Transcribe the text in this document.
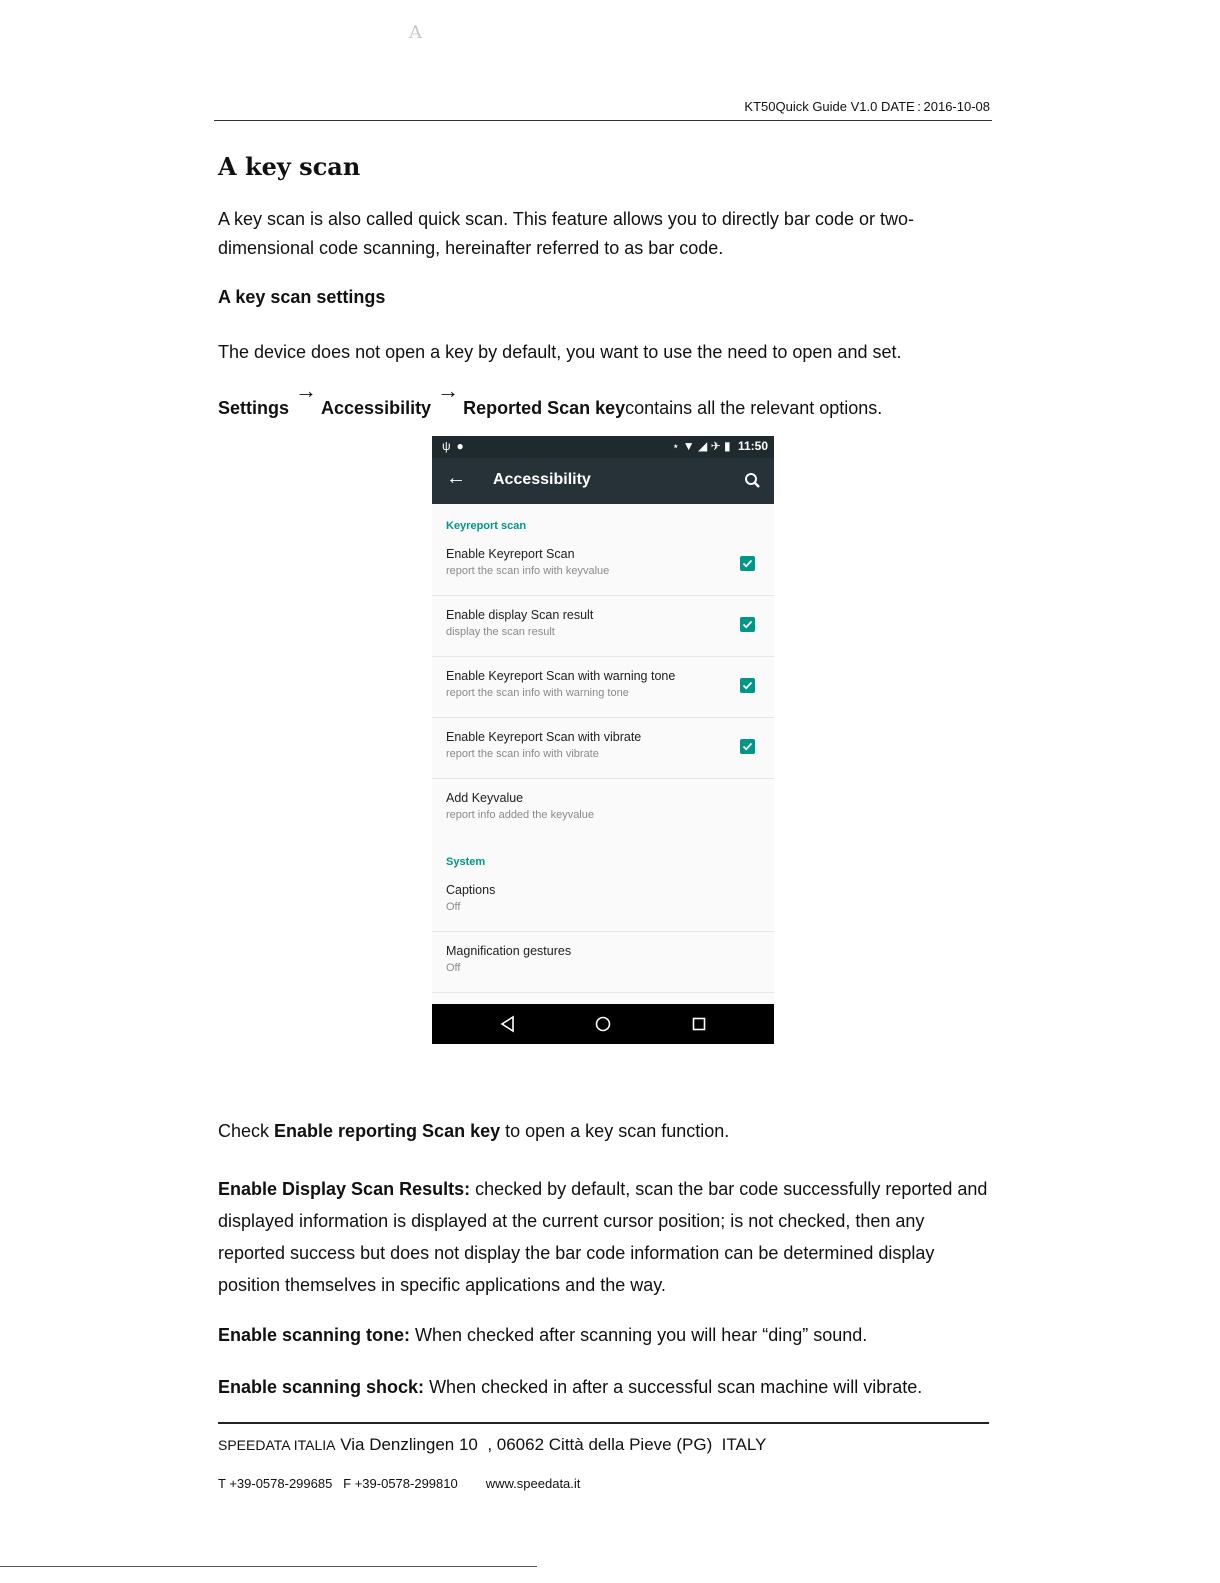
A
KT50Quick Guide V1.0 DATE : 2016-10-08
A key scan

A key scan is also called quick scan. This feature allows you to directly bar code or two-dimensional code scanning, hereinafter referred to as bar code.

A key scan settings

The device does not open a key by default, you want to use the need to open and set.

Settings→Accessibility→Reported Scan keycontains all the relevant options.
ψ●	⋆ ▼ ◢ ✈ ▮ 11:50
← Accessibility
Keyreport scan
Enable Keyreport Scan
report the scan info with keyvalue
Enable display Scan result
display the scan result
Enable Keyreport Scan with warning tone
report the scan info with warning tone
Enable Keyreport Scan with vibrate
report the scan info with vibrate
Add Keyvalue
report info added the keyvalue
System
Captions
Off
Magnification gestures
Off

Check Enable reporting Scan key to open a key scan function.

Enable Display Scan Results: checked by default, scan the bar code successfully reported and displayed information is displayed at the current cursor position; is not checked, then any reported success but does not display the bar code information can be determined display position themselves in specific applications and the way.

Enable scanning tone: When checked after scanning you will hear “ding” sound.

Enable scanning shock: When checked in after a successful scan machine will vibrate.

SPEEDATA ITALIA Via Denzlingen 10  , 06062 Città della Pieve (PG)  ITALY
T +39-0578-299685   F +39-0578-299810 www.speedata.it
